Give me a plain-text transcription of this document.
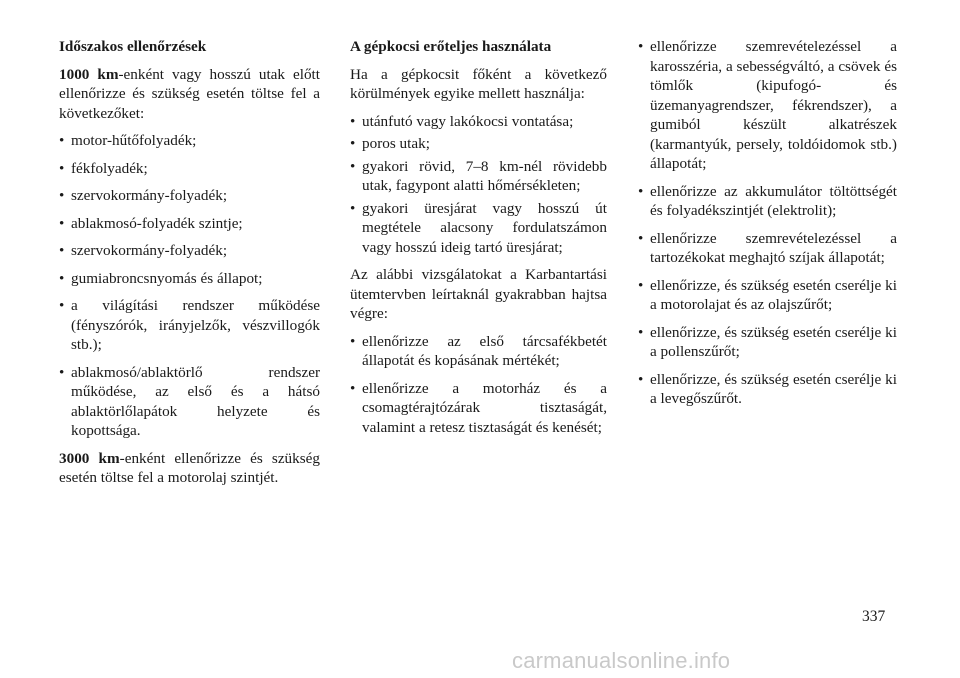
Időszakos ellenőrzések

1000 km-enként vagy hosszú utak előtt ellenőrizze és szükség esetén töltse fel a következőket:

• motor-hűtőfolyadék;
• fékfolyadék;
• szervokormány-folyadék;
• ablakmosó-folyadék szintje;
• szervokormány-folyadék;
• gumiabroncsnyomás és állapot;
• a világítási rendszer működése (fényszórók, irányjelzők, vészvillogók stb.);
• ablakmosó/ablaktörlő rendszer működése, az első és a hátsó ablaktörlőlapátok helyzete és kopottsága.

3000 km-enként ellenőrizze és szükség esetén töltse fel a motorolaj szintjét.

A gépkocsi erőteljes használata

Ha a gépkocsit főként a következő körülmények egyike mellett használja:

• utánfutó vagy lakókocsi vontatása;
• poros utak;
• gyakori rövid, 7–8 km-nél rövidebb utak, fagypont alatti hőmérsékleten;
• gyakori üresjárat vagy hosszú út megtétele alacsony fordulatszámon vagy hosszú ideig tartó üresjárat;

Az alábbi vizsgálatokat a Karbantartási ütemtervben leírtaknál gyakrabban hajtsa végre:

• ellenőrizze az első tárcsafékbetét állapotát és kopásának mértékét;
• ellenőrizze a motorház és a csomagtérajtózárak tisztaságát, valamint a retesz tisztaságát és kenését;
• ellenőrizze szemrevételezéssel a karosszéria, a sebességváltó, a csövek és tömlők (kipufogó- és üzemanyagrendszer, fékrendszer), a gumiból készült alkatrészek (karmantyúk, persely, toldóidomok stb.) állapotát;
• ellenőrizze az akkumulátor töltöttségét és folyadékszintjét (elektrolit);
• ellenőrizze szemrevételezéssel a tartozékokat meghajtó szíjak állapotát;
• ellenőrizze, és szükség esetén cserélje ki a motorolajat és az olajszűrőt;
• ellenőrizze, és szükség esetén cserélje ki a pollenszűrőt;
• ellenőrizze, és szükség esetén cserélje ki a levegőszűrőt.
337
carmanualsonline.info
